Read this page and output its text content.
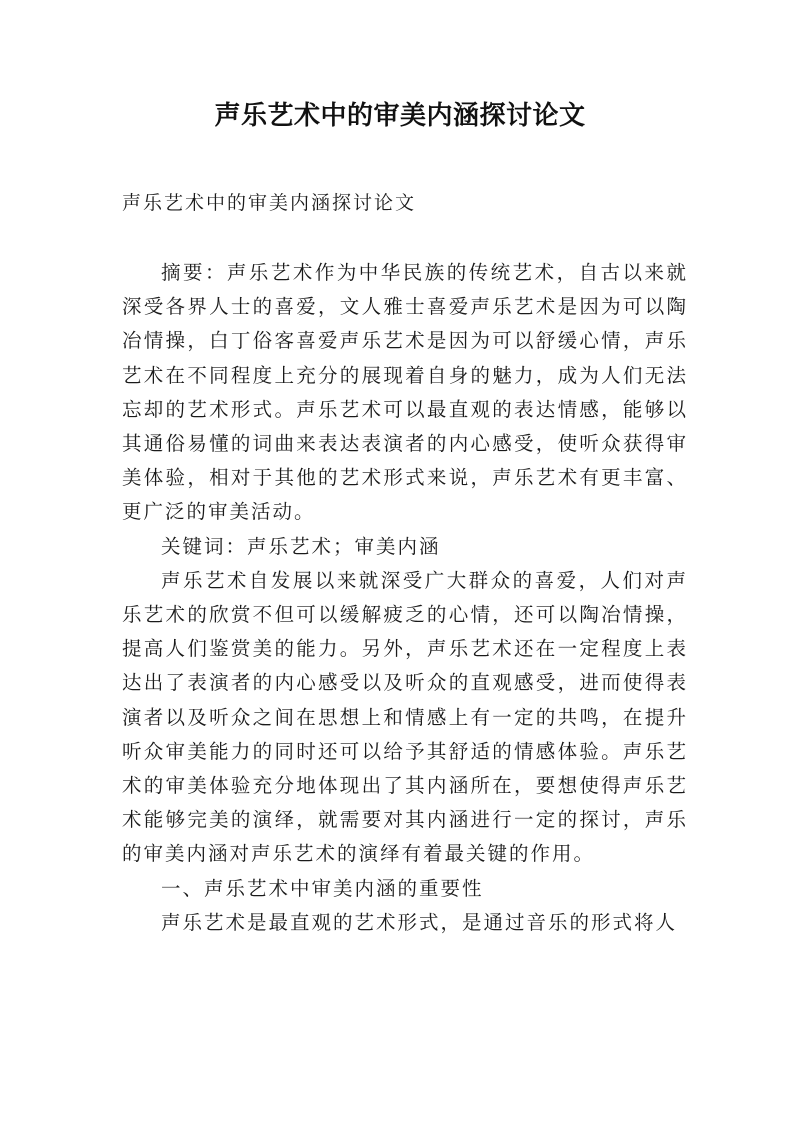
声乐艺术中的审美内涵探讨论文
声乐艺术中的审美内涵探讨论文

摘要：声乐艺术作为中华民族的传统艺术，自古以来就深受各界人士的喜爱，文人雅士喜爱声乐艺术是因为可以陶冶情操，白丁俗客喜爱声乐艺术是因为可以舒缓心情，声乐艺术在不同程度上充分的展现着自身的魅力，成为人们无法忘却的艺术形式。声乐艺术可以最直观的表达情感，能够以其通俗易懂的词曲来表达表演者的内心感受，使听众获得审美体验，相对于其他的艺术形式来说，声乐艺术有更丰富、更广泛的审美活动。

关键词：声乐艺术；审美内涵

声乐艺术自发展以来就深受广大群众的喜爱，人们对声乐艺术的欣赏不但可以缓解疲乏的心情，还可以陶冶情操，提高人们鉴赏美的能力。另外，声乐艺术还在一定程度上表达出了表演者的内心感受以及听众的直观感受，进而使得表演者以及听众之间在思想上和情感上有一定的共鸣，在提升听众审美能力的同时还可以给予其舒适的情感体验。声乐艺术的审美体验充分地体现出了其内涵所在，要想使得声乐艺术能够完美的演绎，就需要对其内涵进行一定的探讨，声乐的审美内涵对声乐艺术的演绎有着最关键的作用。

一、声乐艺术中审美内涵的重要性

声乐艺术是最直观的艺术形式，是通过音乐的形式将人
